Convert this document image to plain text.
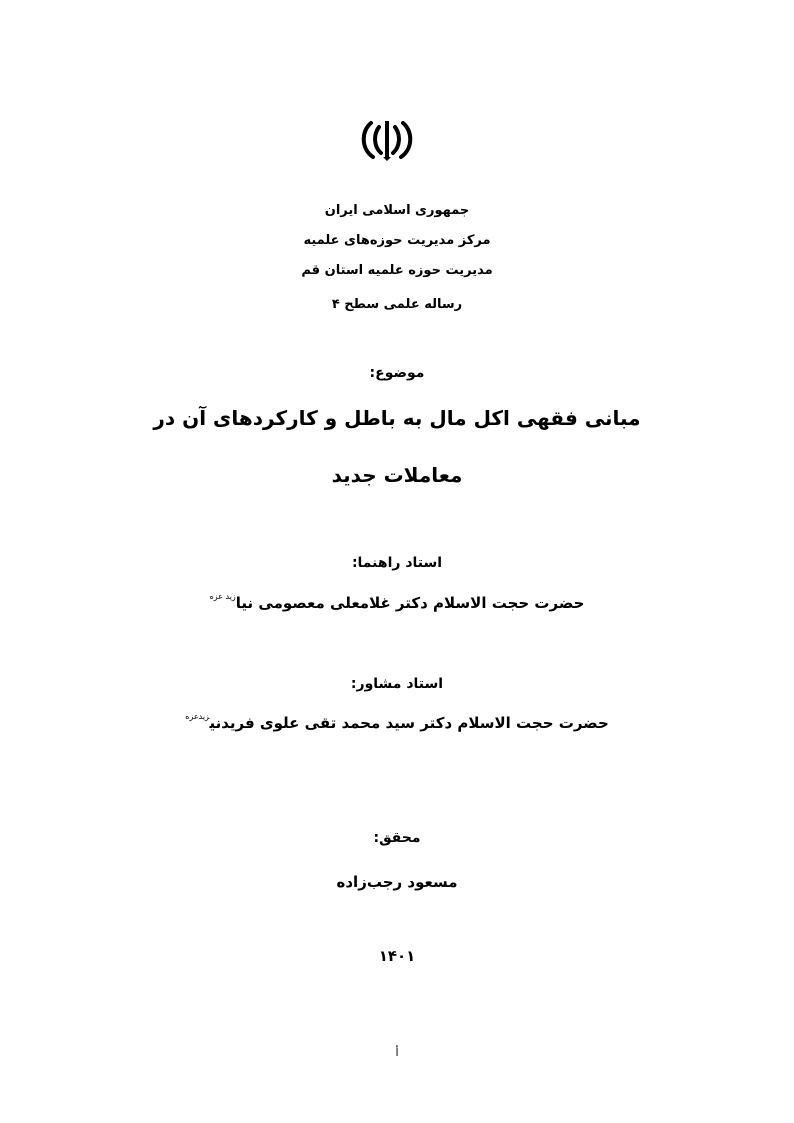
جمهوری اسلامی ایران
مرکز مدیریت حوزه‌های علمیه
مدیریت حوزه علمیه استان قم
رساله علمی سطح ۴
موضوع:
مبانی فقهی اکل مال به باطل و کارکردهای آن در
معاملات جدید
استاد راهنما:
حضرت حجت الاسلام دکتر غلامعلی معصومی نیا$^{زید عزه}$
استاد مشاور:
حضرت حجت الاسلام دکتر سید محمد تقی علوی فریدنی$^{زیدعزه}$
محقق:
مسعود رجب‌زاده
۱۴۰۱
أ
